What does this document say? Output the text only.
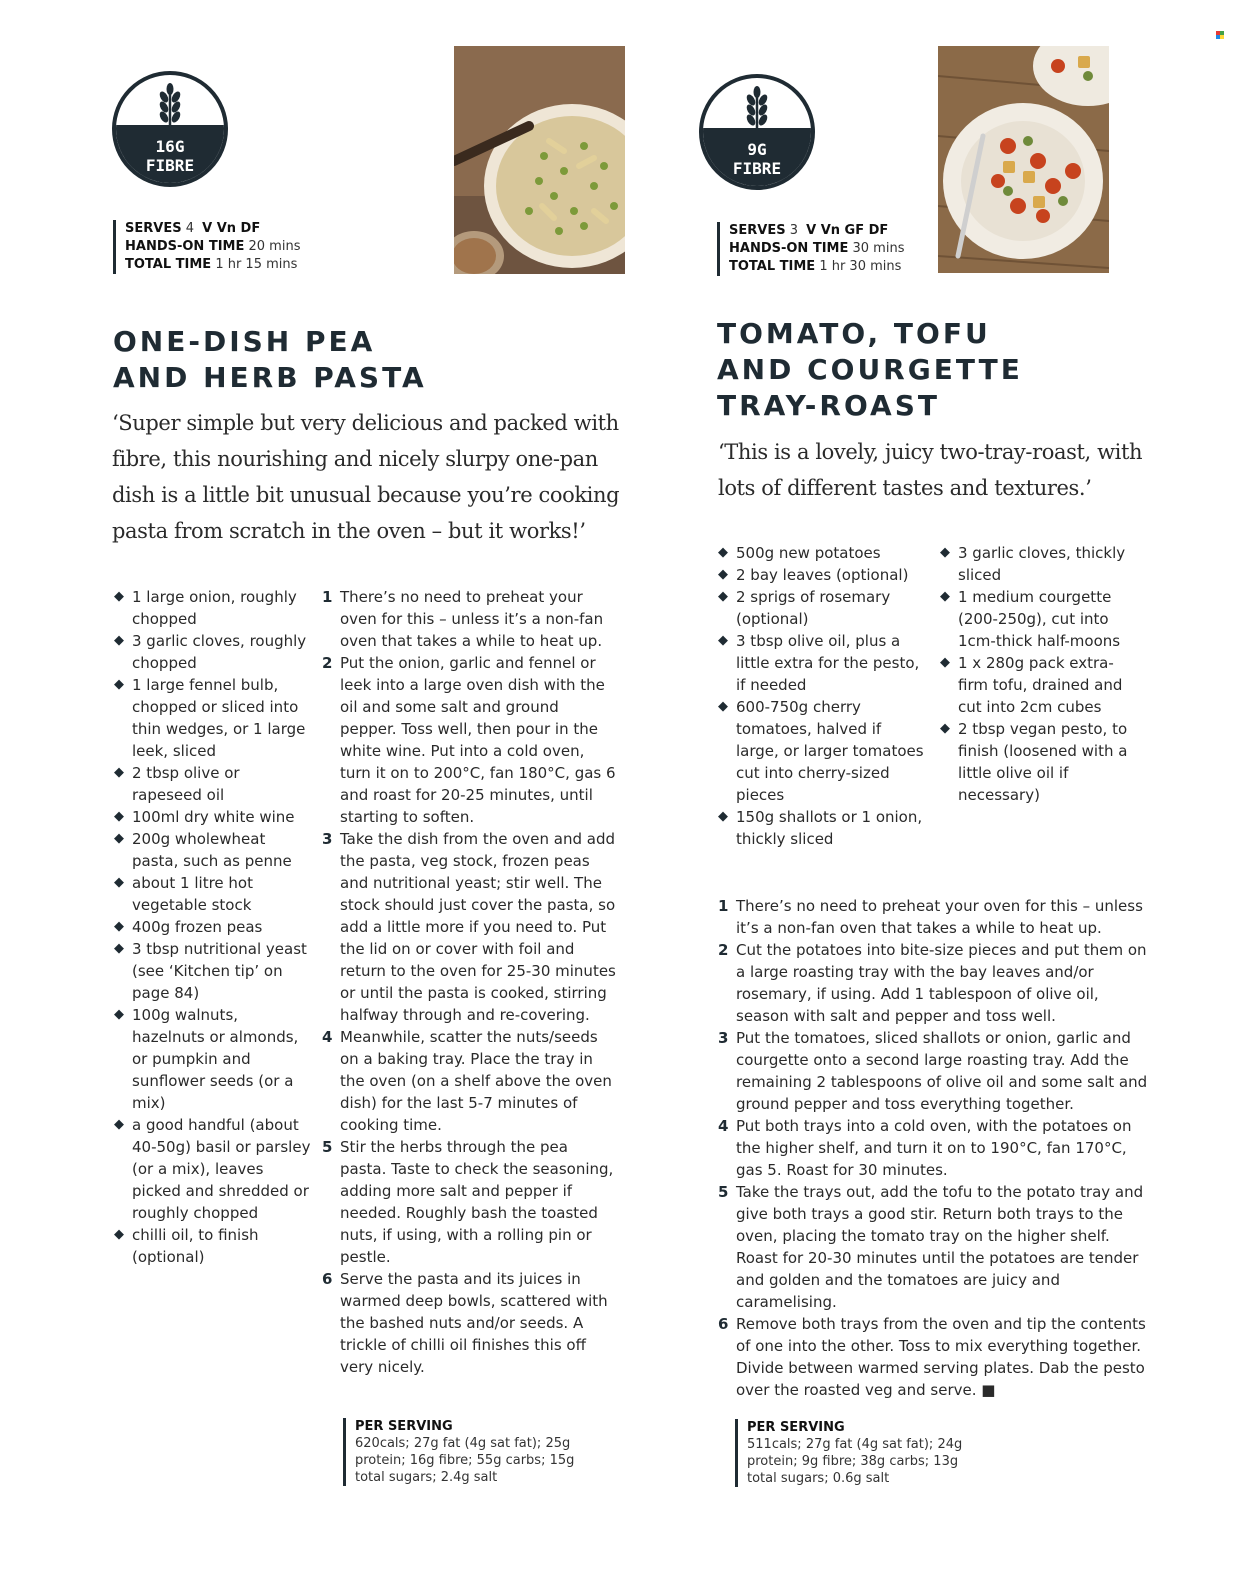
16G
FIBRE
SERVES 4 V Vn DF
HANDS-ON TIME 20 mins
TOTAL TIME 1 hr 15 mins
ONE-DISH PEA
AND HERB PASTA

‘Super simple but very delicious and packed with fibre, this nourishing and nicely slurpy one-pan dish is a little bit unusual because you’re cooking pasta from scratch in the oven – but it works!’

◆ 1 large onion, roughly chopped
◆ 3 garlic cloves, roughly chopped
◆ 1 large fennel bulb, chopped or sliced into thin wedges, or 1 large leek, sliced
◆ 2 tbsp olive or rapeseed oil
◆ 100ml dry white wine
◆ 200g wholewheat pasta, such as penne
◆ about 1 litre hot vegetable stock
◆ 400g frozen peas
◆ 3 tbsp nutritional yeast (see ‘Kitchen tip’ on page 84)
◆ 100g walnuts, hazelnuts or almonds, or pumpkin and sunflower seeds (or a mix)
◆ a good handful (about 40-50g) basil or parsley (or a mix), leaves picked and shredded or roughly chopped
◆ chilli oil, to finish (optional)
1 There’s no need to preheat your oven for this – unless it’s a non-fan oven that takes a while to heat up.
2 Put the onion, garlic and fennel or leek into a large oven dish with the oil and some salt and ground pepper. Toss well, then pour in the white wine. Put into a cold oven, turn it on to 200°C, fan 180°C, gas 6 and roast for 20-25 minutes, until starting to soften.
3 Take the dish from the oven and add the pasta, veg stock, frozen peas and nutritional yeast; stir well. The stock should just cover the pasta, so add a little more if you need to. Put the lid on or cover with foil and return to the oven for 25-30 minutes or until the pasta is cooked, stirring halfway through and re-covering.
4 Meanwhile, scatter the nuts/seeds on a baking tray. Place the tray in the oven (on a shelf above the oven dish) for the last 5-7 minutes of cooking time.
5 Stir the herbs through the pea pasta. Taste to check the seasoning, adding more salt and pepper if needed. Roughly bash the toasted nuts, if using, with a rolling pin or pestle.
6 Serve the pasta and its juices in warmed deep bowls, scattered with the bashed nuts and/or seeds. A trickle of chilli oil finishes this off very nicely.
PER SERVING
620cals; 27g fat (4g sat fat); 25g protein; 16g fibre; 55g carbs; 15g total sugars; 2.4g salt
9G
FIBRE
SERVES 3 V Vn GF DF
HANDS-ON TIME 30 mins
TOTAL TIME 1 hr 30 mins
TOMATO, TOFU
AND COURGETTE
TRAY-ROAST

‘This is a lovely, juicy two-tray-roast, with lots of different tastes and textures.’

◆ 500g new potatoes
◆ 2 bay leaves (optional)
◆ 2 sprigs of rosemary (optional)
◆ 3 tbsp olive oil, plus a little extra for the pesto, if needed
◆ 600-750g cherry tomatoes, halved if large, or larger tomatoes cut into cherry-sized pieces
◆ 150g shallots or 1 onion, thickly sliced
◆ 3 garlic cloves, thickly sliced
◆ 1 medium courgette (200-250g), cut into 1cm-thick half-moons
◆ 1 x 280g pack extra-firm tofu, drained and cut into 2cm cubes
◆ 2 tbsp vegan pesto, to finish (loosened with a little olive oil if necessary)
1 There’s no need to preheat your oven for this – unless it’s a non-fan oven that takes a while to heat up.
2 Cut the potatoes into bite-size pieces and put them on a large roasting tray with the bay leaves and/or rosemary, if using. Add 1 tablespoon of olive oil, season with salt and pepper and toss well.
3 Put the tomatoes, sliced shallots or onion, garlic and courgette onto a second large roasting tray. Add the remaining 2 tablespoons of olive oil and some salt and ground pepper and toss everything together.
4 Put both trays into a cold oven, with the potatoes on the higher shelf, and turn it on to 190°C, fan 170°C, gas 5. Roast for 30 minutes.
5 Take the trays out, add the tofu to the potato tray and give both trays a good stir. Return both trays to the oven, placing the tomato tray on the higher shelf. Roast for 20-30 minutes until the potatoes are tender and golden and the tomatoes are juicy and caramelising.
6 Remove both trays from the oven and tip the contents of one into the other. Toss to mix everything together. Divide between warmed serving plates. Dab the pesto over the roasted veg and serve. ■
PER SERVING
511cals; 27g fat (4g sat fat); 24g protein; 9g fibre; 38g carbs; 13g total sugars; 0.6g salt
